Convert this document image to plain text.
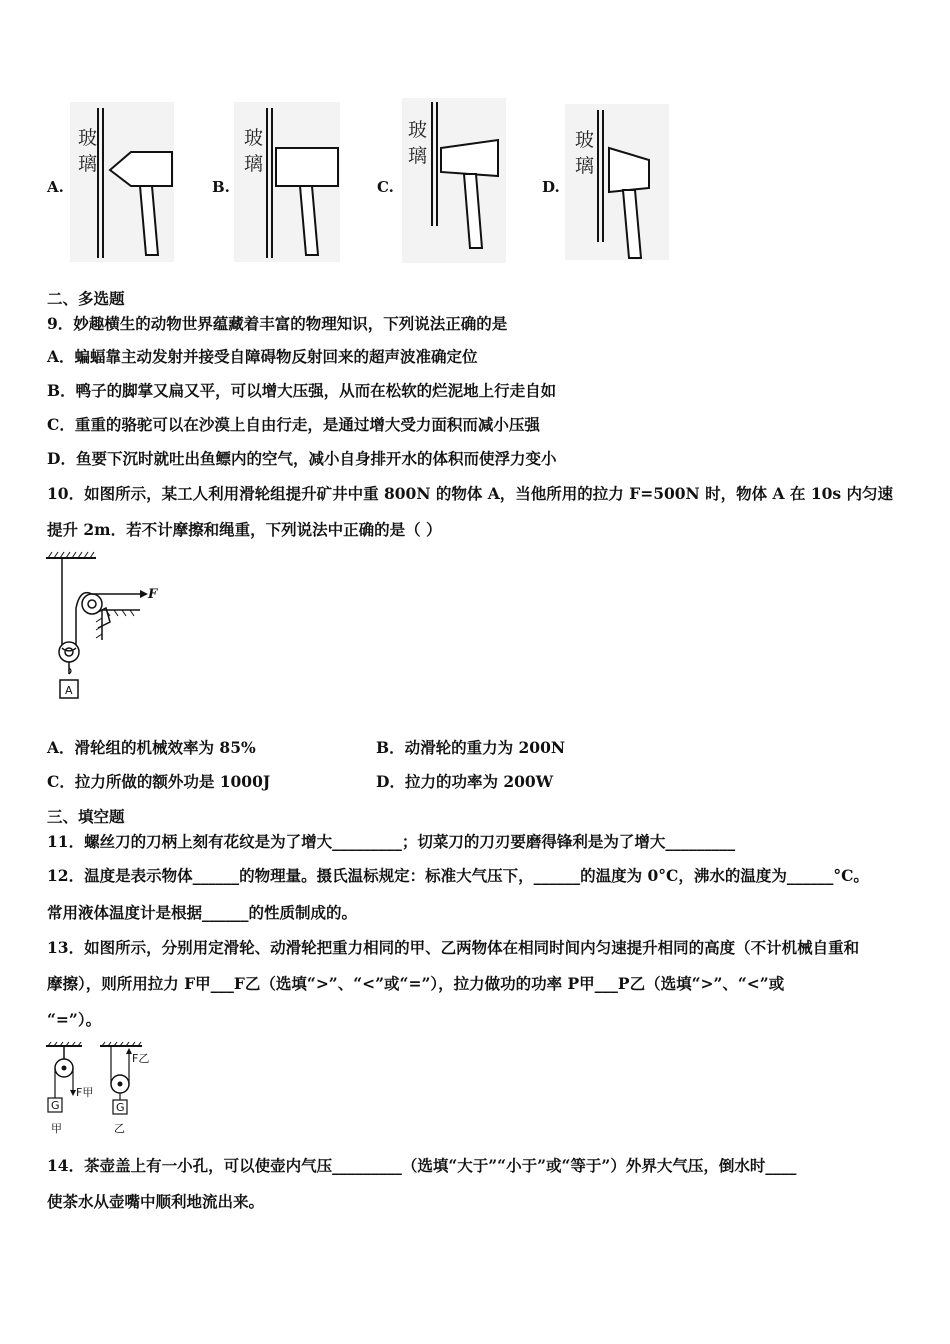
A.
玻
璃
B.
玻
璃
C.
玻
璃
D.
玻
璃
二、多选题
9．妙趣横生的动物世界蕴藏着丰富的物理知识，下列说法正确的是
A．蝙蝠靠主动发射并接受自障碍物反射回来的超声波准确定位
B．鸭子的脚掌又扁又平，可以增大压强，从而在松软的烂泥地上行走自如
C．重重的骆驼可以在沙漠上自由行走，是通过增大受力面积而减小压强
D．鱼要下沉时就吐出鱼鳔内的空气，减小自身排开水的体积而使浮力变小
10．如图所示，某工人利用滑轮组提升矿井中重 800N 的物体 A，当他所用的拉力 F=500N 时，物体 A 在 10s 内匀速
提升 2m．若不计摩擦和绳重，下列说法中正确的是（ ）
F
A
A．滑轮组的机械效率为 85%	B．动滑轮的重力为 200N
C．拉力所做的额外功是 1000J	D．拉力的功率为 200W
三、填空题
11．螺丝刀的刀柄上刻有花纹是为了增大_________；切菜刀的刀刃要磨得锋利是为了增大_________
12．温度是表示物体______的物理量。摄氏温标规定：标准大气压下，______的温度为 0°C，沸水的温度为______°C。
常用液体温度计是根据______的性质制成的。
13．如图所示，分别用定滑轮、动滑轮把重力相同的甲、乙两物体在相同时间内匀速提升相同的高度（不计机械自重和
摩擦），则所用拉力 F甲___F乙（选填“>”、“<”或“=”），拉力做功的功率 P甲___P乙（选填“>”、“<”或
“=”）。
F甲
G
甲
F乙
G
乙
14．茶壶盖上有一小孔，可以使壶内气压_________（选填“大于”“小于”或“等于”）外界大气压，倒水时____
使茶水从壶嘴中顺利地流出来。
